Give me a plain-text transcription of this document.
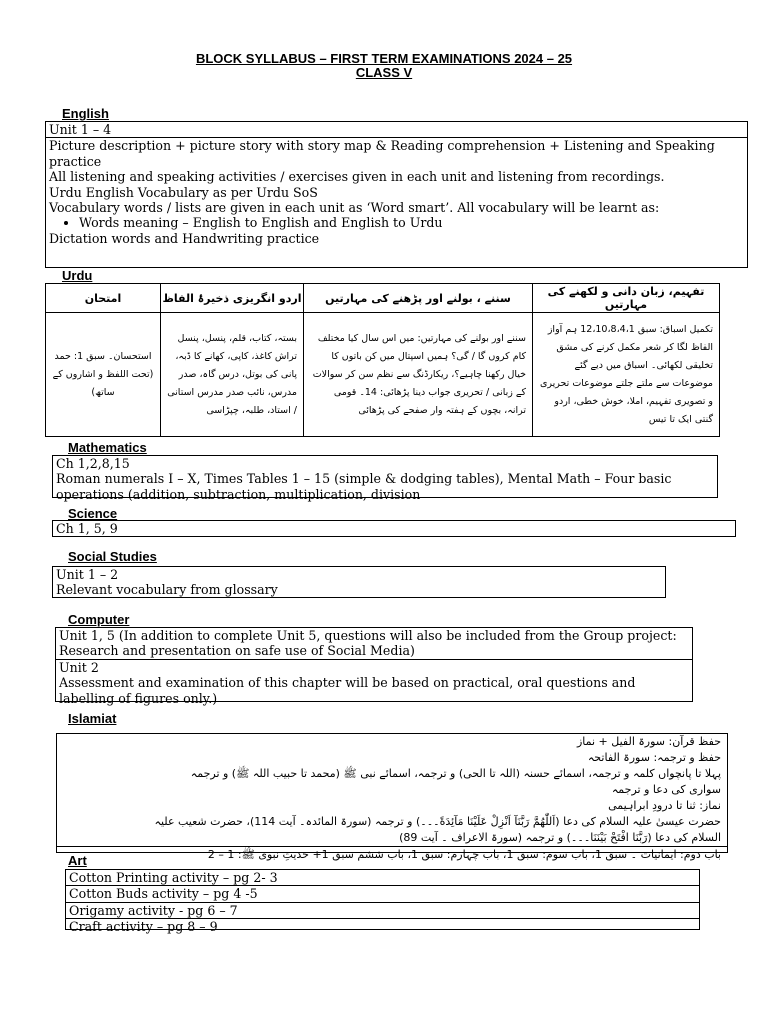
BLOCK SYLLABUS – FIRST TERM EXAMINATIONS 2024 – 25
CLASS V
English
Unit 1 – 4
Picture description + picture story with story map & Reading comprehension + Listening and Speaking practice
All listening and speaking activities / exercises given in each unit and listening from recordings.
Urdu English Vocabulary as per Urdu SoS
Vocabulary words / lists are given in each unit as ‘Word smart’. All vocabulary will be learnt as:
• Words meaning – English to English and English to Urdu
Dictation words and Handwriting practice
Urdu
امتحان	اردو انگریزی ذخیرۂ الفاظ	سننے ، بولنے اور پڑھنے کی مہارتیں	تفہیم، زبان دانی و لکھنے کی مہارتیں
استحسان۔ سبق 1: حمد (تحت اللفظ و اشاروں کے ساتھ)	بستہ، کتاب، قلم، پنسل، پنسل تراش کاغذ، کاپی، کھانے کا ڈبہ، پانی کی بوتل، درس گاہ، صدر مدرس، نائب صدر مدرس استانی / استاد، طلبہ، چپڑاسی	سننے اور بولنے کی مہارتیں: میں اس سال کیا مختلف کام کروں گا / گی؟ ہمیں اسپتال میں کن باتوں کا خیال رکھنا چاہیے؟، ریکارڈنگ سے نظم سن کر سوالات کے زبانی / تحریری جواب دینا پڑھائی: 14۔ قومی ترانہ، بچوں کے ہفتہ وار صفحے کی پڑھائی	تکمیل اسباق: سبق 12،10،8،4،1 ہم آواز الفاظ لگا کر شعر مکمل کرنے کی مشق تخلیقی لکھائی۔ اسباق میں دیے گئے موضوعات سے ملتے جلتے موضوعات تحریری و تصویری تفہیم، املا، خوش خطی، اردو گنتی ایک تا تیس
Mathematics
Ch 1,2,8,15
Roman numerals I – X, Times Tables 1 – 15 (simple & dodging tables), Mental Math – Four basic operations (addition, subtraction, multiplication, division
Science
Ch 1, 5, 9
Social Studies
Unit 1 – 2
Relevant vocabulary from glossary
Computer
Unit 1, 5 (In addition to complete Unit 5, questions will also be included from the Group project: Research and presentation on safe use of Social Media)
Unit 2
Assessment and examination of this chapter will be based on practical, oral questions and labelling of figures only.)
Islamiat
حفظ قرآن: سورۃ الفیل + نماز
حفظ و ترجمہ: سورۃ الفاتحہ
پہلا تا پانچواں کلمہ و ترجمہ، اسمائے حسنہ (اللہ تا الحی) و ترجمہ، اسمائے نبی ﷺ (محمد تا حبیب اللہ ﷺ) و ترجمہ
سواری کی دعا و ترجمہ
نماز: ثنا تا درودِ ابراہیمی
حضرت عیسیٰ علیہ السلام کی دعا (اَللّٰهُمَّ رَبَّنَآ اَنْزِلْ عَلَيْنَا مَآئِدَةً۔۔۔) و ترجمہ (سورۃ المائدہ۔ آیت 114)، حضرت شعیب علیہ
السلام کی دعا (رَبَّنَا افْتَحْ بَيْنَنَا۔۔۔) و ترجمہ (سورۃ الاعراف ۔ آیت 89)
باب دوم: ایمانیات ۔ سبق 1، باب سوم: سبق 1، باب چہارم: سبق 1، باب ششم سبق 1+ حدیثِ نبوی ﷺ: 1 – 2
Art
Cotton Printing activity – pg 2- 3
Cotton Buds activity – pg 4 -5
Origamy activity - pg 6 – 7
Craft activity – pg 8 – 9
